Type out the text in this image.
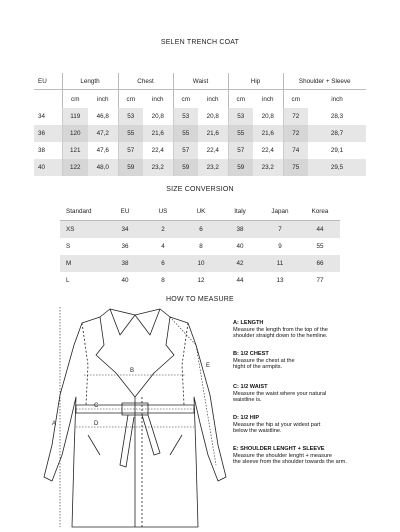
SELEN TRENCH COAT
EU	Length		Chest		Waist		Hip		Shoulder + Sleeve	
	cm	inch	cm	inch	cm	inch	cm	inch	cm	inch
34	119	46,8	53	20,8	53	20,8	53	20,8	72	28,3
36	120	47,2	55	21,6	55	21,6	55	21,6	72	28,7
38	121	47,6	57	22,4	57	22,4	57	22,4	74	29,1
40	122	48,0	59	23,2	59	23,2	59	23,2	75	29,5
SIZE CONVERSION
Standard	EU	US	UK	Italy	Japan	Korea
XS	34	2	6	38	7	44
S	36	4	8	40	9	55
M	38	6	10	42	11	66
L	40	8	12	44	13	77
HOW TO MEASURE
A
B
C
D
E
A: LENGTH
Measure the length from the top of the
shoulder straight down to the hemline.
B: 1/2 CHEST
Measure the chest at the
hight of the armpits.
C: 1/2 WAIST
Measure the waist where your natural
waistline is.
D: 1/2 HIP
Measure the hip at your widest part
below the waistline.
E: SHOULDER LENGHT + SLEEVE
Measure the shoulder lenght + measure
the sleeve from the shoulder towards the arm.
